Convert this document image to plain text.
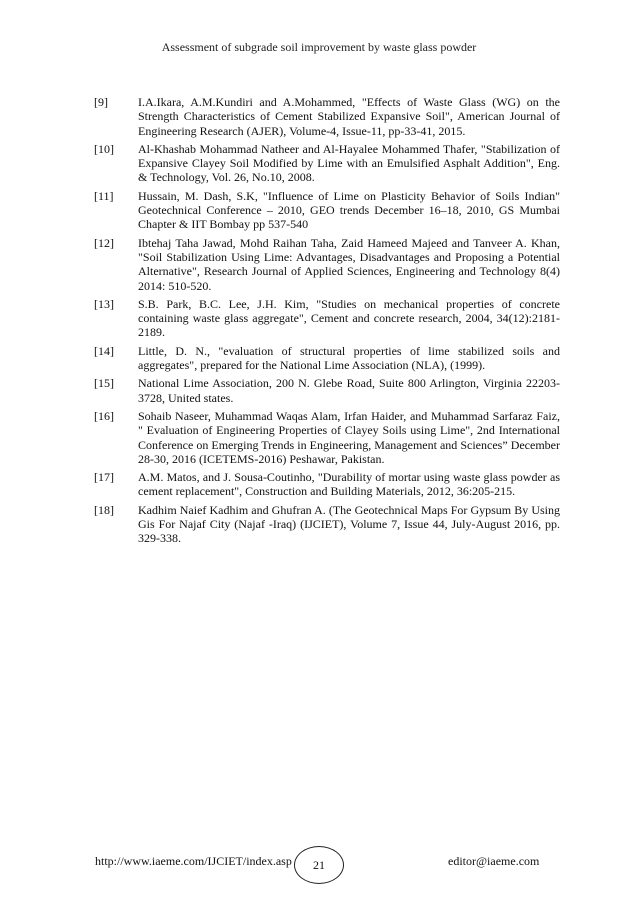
Assessment of subgrade soil improvement by waste glass powder
[9]	I.A.Ikara, A.M.Kundiri and A.Mohammed, "Effects of Waste Glass (WG) on the Strength Characteristics of Cement Stabilized Expansive Soil", American Journal of Engineering Research (AJER), Volume-4, Issue-11, pp-33-41, 2015.
[10]	Al-Khashab Mohammad Natheer and Al-Hayalee Mohammed Thafer, "Stabilization of Expansive Clayey Soil Modified by Lime with an Emulsified Asphalt Addition", Eng. & Technology, Vol. 26, No.10, 2008.
[11]	Hussain, M. Dash, S.K, "Influence of Lime on Plasticity Behavior of Soils Indian" Geotechnical Conference – 2010, GEO trends December 16–18, 2010, GS Mumbai Chapter & IIT Bombay pp 537-540
[12]	Ibtehaj Taha Jawad, Mohd Raihan Taha, Zaid Hameed Majeed and Tanveer A. Khan, "Soil Stabilization Using Lime: Advantages, Disadvantages and Proposing a Potential Alternative", Research Journal of Applied Sciences, Engineering and Technology 8(4) 2014: 510-520.
[13]	S.B. Park, B.C. Lee, J.H. Kim, "Studies on mechanical properties of concrete containing waste glass aggregate", Cement and concrete research, 2004, 34(12):2181-2189.
[14]	Little, D. N., "evaluation of structural properties of lime stabilized soils and aggregates", prepared for the National Lime Association (NLA), (1999).
[15]	National Lime Association, 200 N. Glebe Road, Suite 800 Arlington, Virginia 22203-3728, United states.
[16]	Sohaib Naseer, Muhammad Waqas Alam, Irfan Haider, and Muhammad Sarfaraz Faiz, " Evaluation of Engineering Properties of Clayey Soils using Lime", 2nd International Conference on Emerging Trends in Engineering, Management and Sciences” December 28-30, 2016 (ICETEMS-2016) Peshawar, Pakistan.
[17]	A.M. Matos, and J. Sousa-Coutinho, "Durability of mortar using waste glass powder as cement replacement", Construction and Building Materials, 2012, 36:205-215.
[18]	Kadhim Naief Kadhim and Ghufran A. (The Geotechnical Maps For Gypsum By Using Gis For Najaf City (Najaf -Iraq) (IJCIET), Volume 7, Issue 44, July-August 2016, pp. 329-338.
http://www.iaeme.com/IJCIET/index.asp	21	editor@iaeme.com
